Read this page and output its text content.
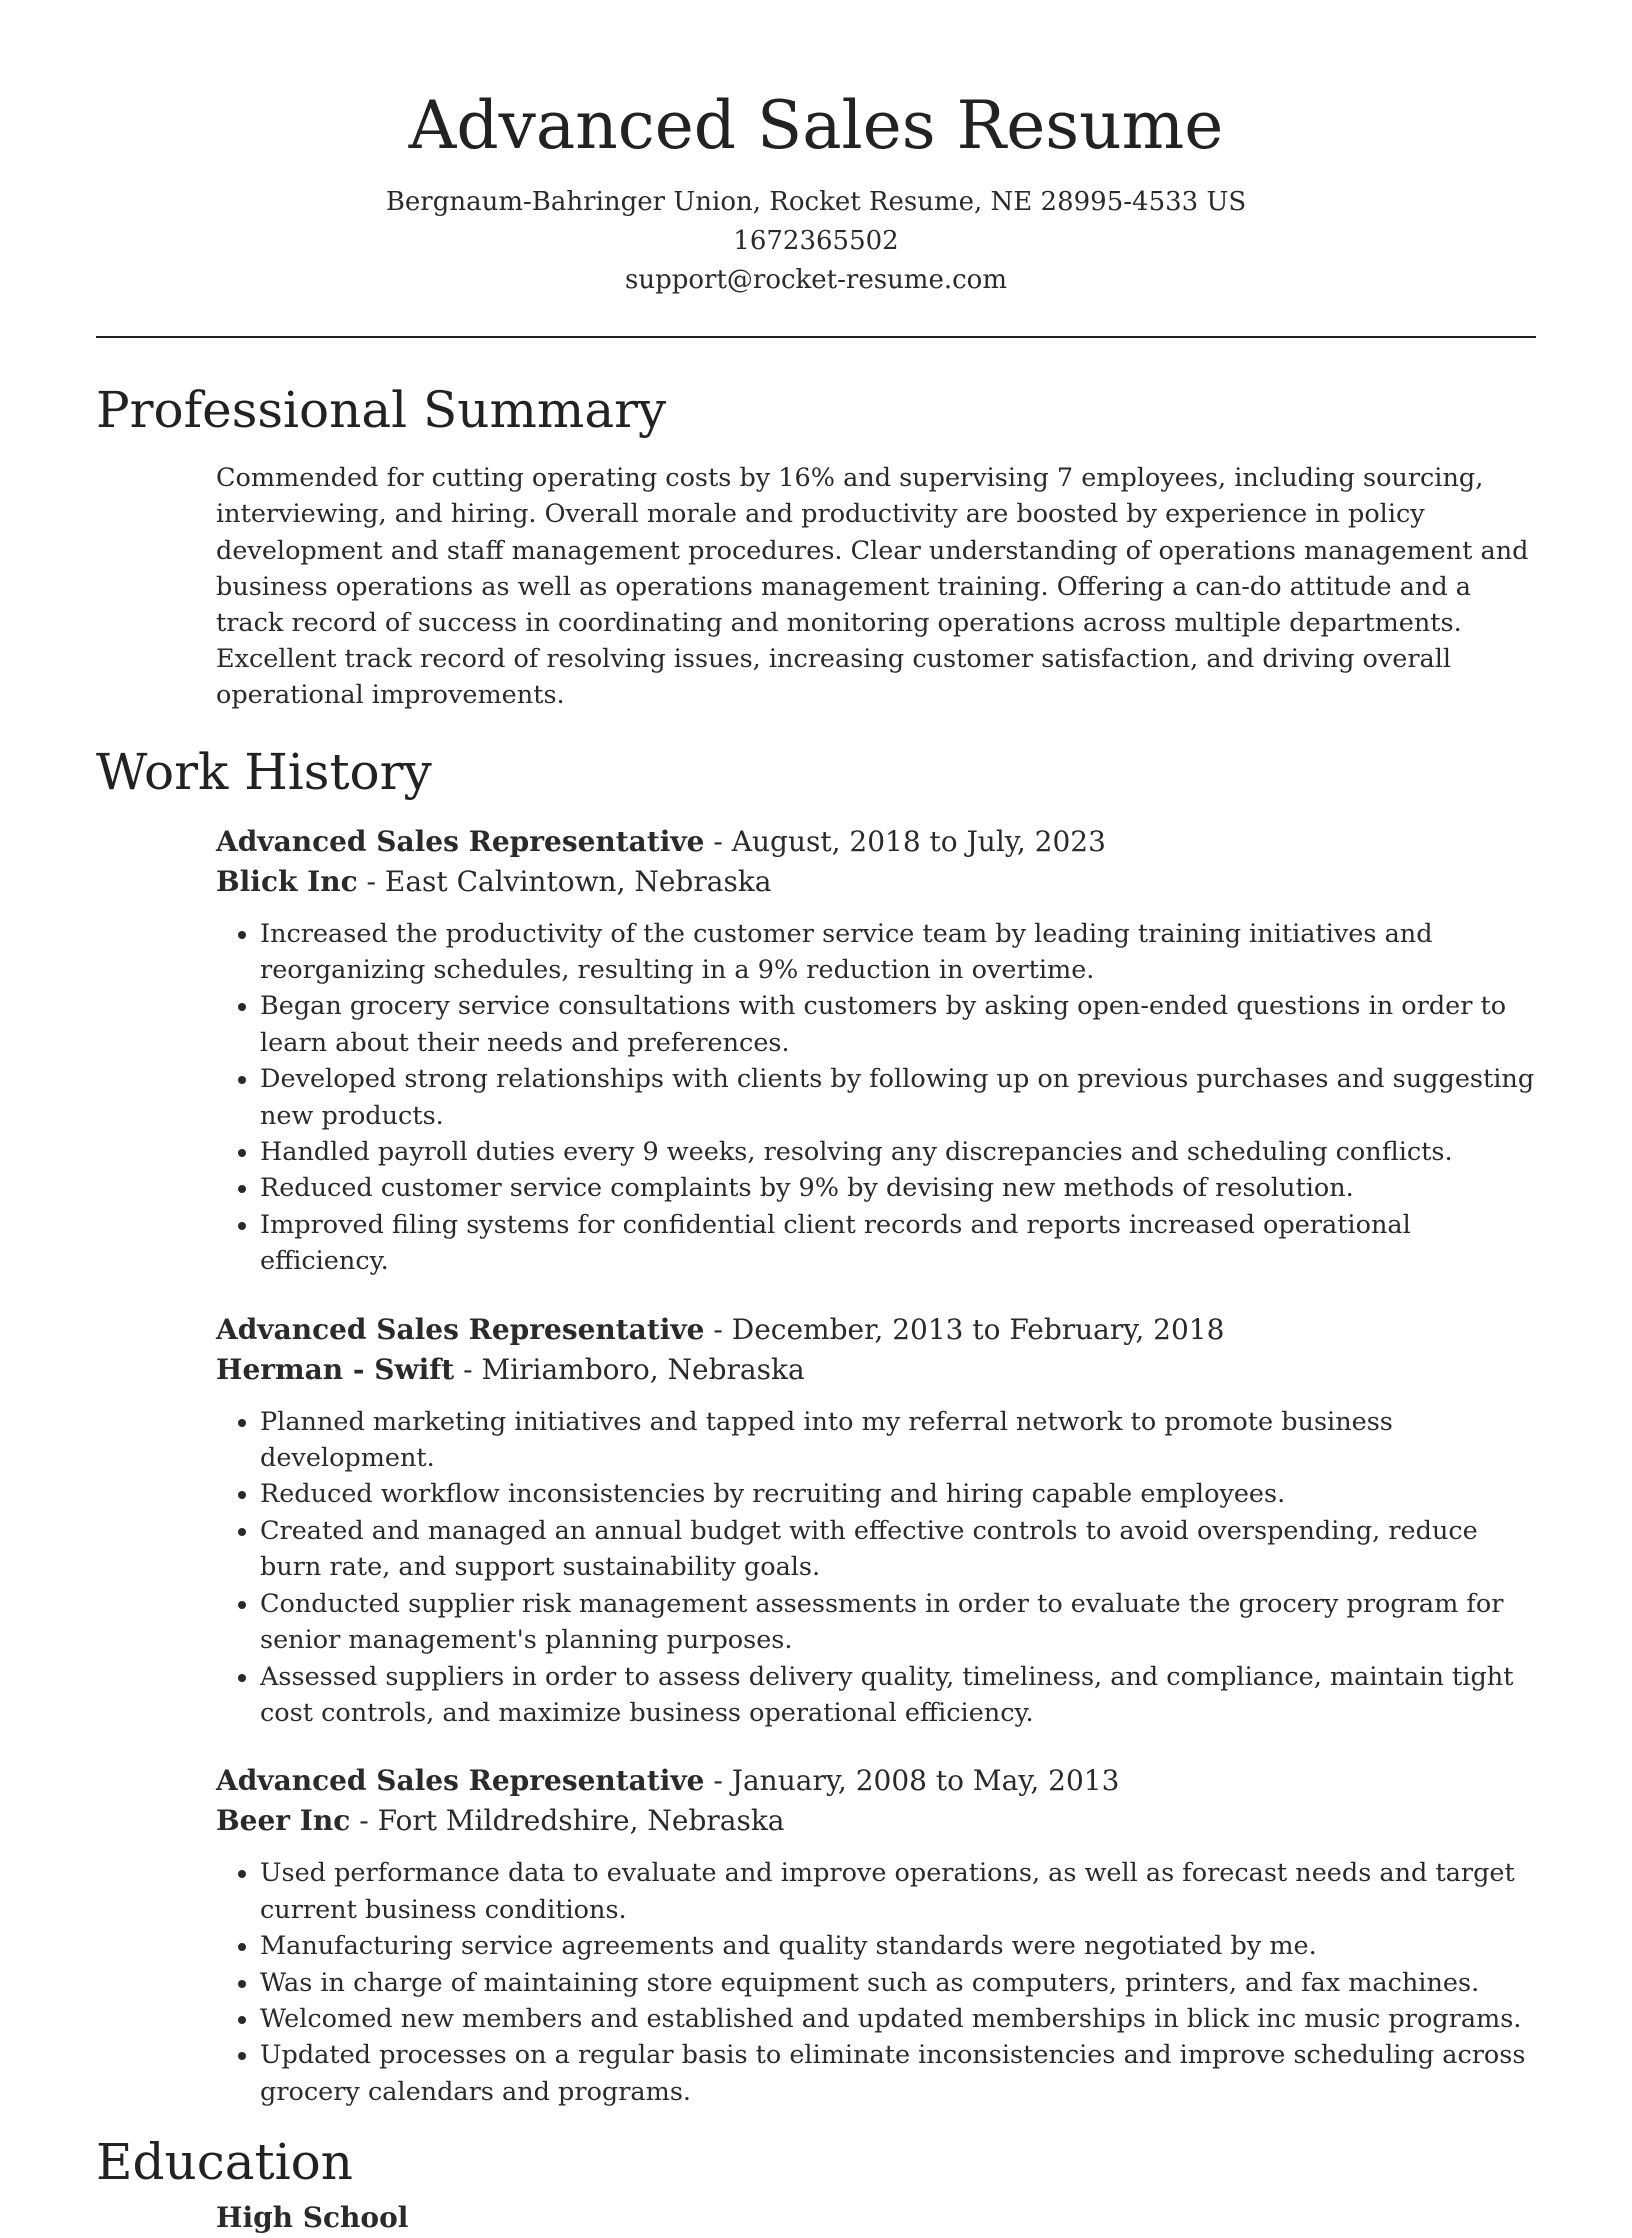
Advanced Sales Resume
Bergnaum-Bahringer Union, Rocket Resume, NE 28995-4533 US
1672365502
support@rocket-resume.com
Professional Summary

Commended for cutting operating costs by 16% and supervising 7 employees, including sourcing, interviewing, and hiring. Overall morale and productivity are boosted by experience in policy development and staff management procedures. Clear understanding of operations management and business operations as well as operations management training. Offering a can-do attitude and a track record of success in coordinating and monitoring operations across multiple departments. Excellent track record of resolving issues, increasing customer satisfaction, and driving overall operational improvements.

Work History
Advanced Sales Representative - August, 2018 to July, 2023
Blick Inc - East Calvintown, Nebraska
• Increased the productivity of the customer service team by leading training initiatives and reorganizing schedules, resulting in a 9% reduction in overtime.
• Began grocery service consultations with customers by asking open-ended questions in order to learn about their needs and preferences.
• Developed strong relationships with clients by following up on previous purchases and suggesting new products.
• Handled payroll duties every 9 weeks, resolving any discrepancies and scheduling conflicts.
• Reduced customer service complaints by 9% by devising new methods of resolution.
• Improved filing systems for confidential client records and reports increased operational efficiency.
Advanced Sales Representative - December, 2013 to February, 2018
Herman - Swift - Miriamboro, Nebraska
• Planned marketing initiatives and tapped into my referral network to promote business development.
• Reduced workflow inconsistencies by recruiting and hiring capable employees.
• Created and managed an annual budget with effective controls to avoid overspending, reduce burn rate, and support sustainability goals.
• Conducted supplier risk management assessments in order to evaluate the grocery program for senior management's planning purposes.
• Assessed suppliers in order to assess delivery quality, timeliness, and compliance, maintain tight cost controls, and maximize business operational efficiency.
Advanced Sales Representative - January, 2008 to May, 2013
Beer Inc - Fort Mildredshire, Nebraska
• Used performance data to evaluate and improve operations, as well as forecast needs and target current business conditions.
• Manufacturing service agreements and quality standards were negotiated by me.
• Was in charge of maintaining store equipment such as computers, printers, and fax machines.
• Welcomed new members and established and updated memberships in blick inc music programs.
• Updated processes on a regular basis to eliminate inconsistencies and improve scheduling across grocery calendars and programs.
Education
High School
